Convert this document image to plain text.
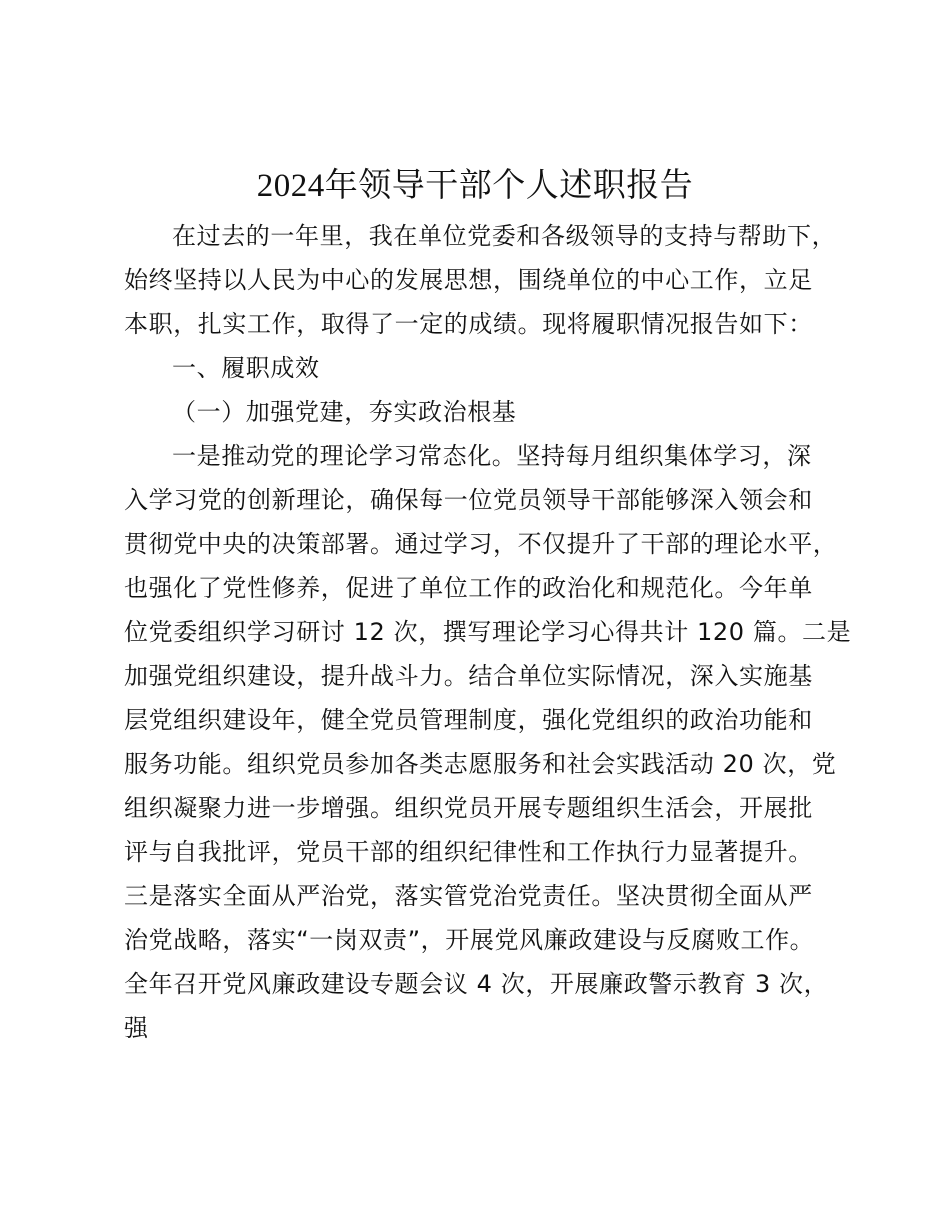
2024年领导干部个人述职报告
在过去的一年里，我在单位党委和各级领导的支持与帮助下，
始终坚持以人民为中心的发展思想，围绕单位的中心工作，立足
本职，扎实工作，取得了一定的成绩。现将履职情况报告如下：
一、履职成效
（一）加强党建，夯实政治根基
一是推动党的理论学习常态化。坚持每月组织集体学习，深
入学习党的创新理论，确保每一位党员领导干部能够深入领会和
贯彻党中央的决策部署。通过学习，不仅提升了干部的理论水平，
也强化了党性修养，促进了单位工作的政治化和规范化。今年单
位党委组织学习研讨 12 次，撰写理论学习心得共计 120 篇。二是
加强党组织建设，提升战斗力。结合单位实际情况，深入实施基
层党组织建设年，健全党员管理制度，强化党组织的政治功能和
服务功能。组织党员参加各类志愿服务和社会实践活动 20 次，党
组织凝聚力进一步增强。组织党员开展专题组织生活会，开展批
评与自我批评，党员干部的组织纪律性和工作执行力显著提升。
三是落实全面从严治党，落实管党治党责任。坚决贯彻全面从严
治党战略，落实“一岗双责”，开展党风廉政建设与反腐败工作。
全年召开党风廉政建设专题会议 4 次，开展廉政警示教育 3 次，
强
